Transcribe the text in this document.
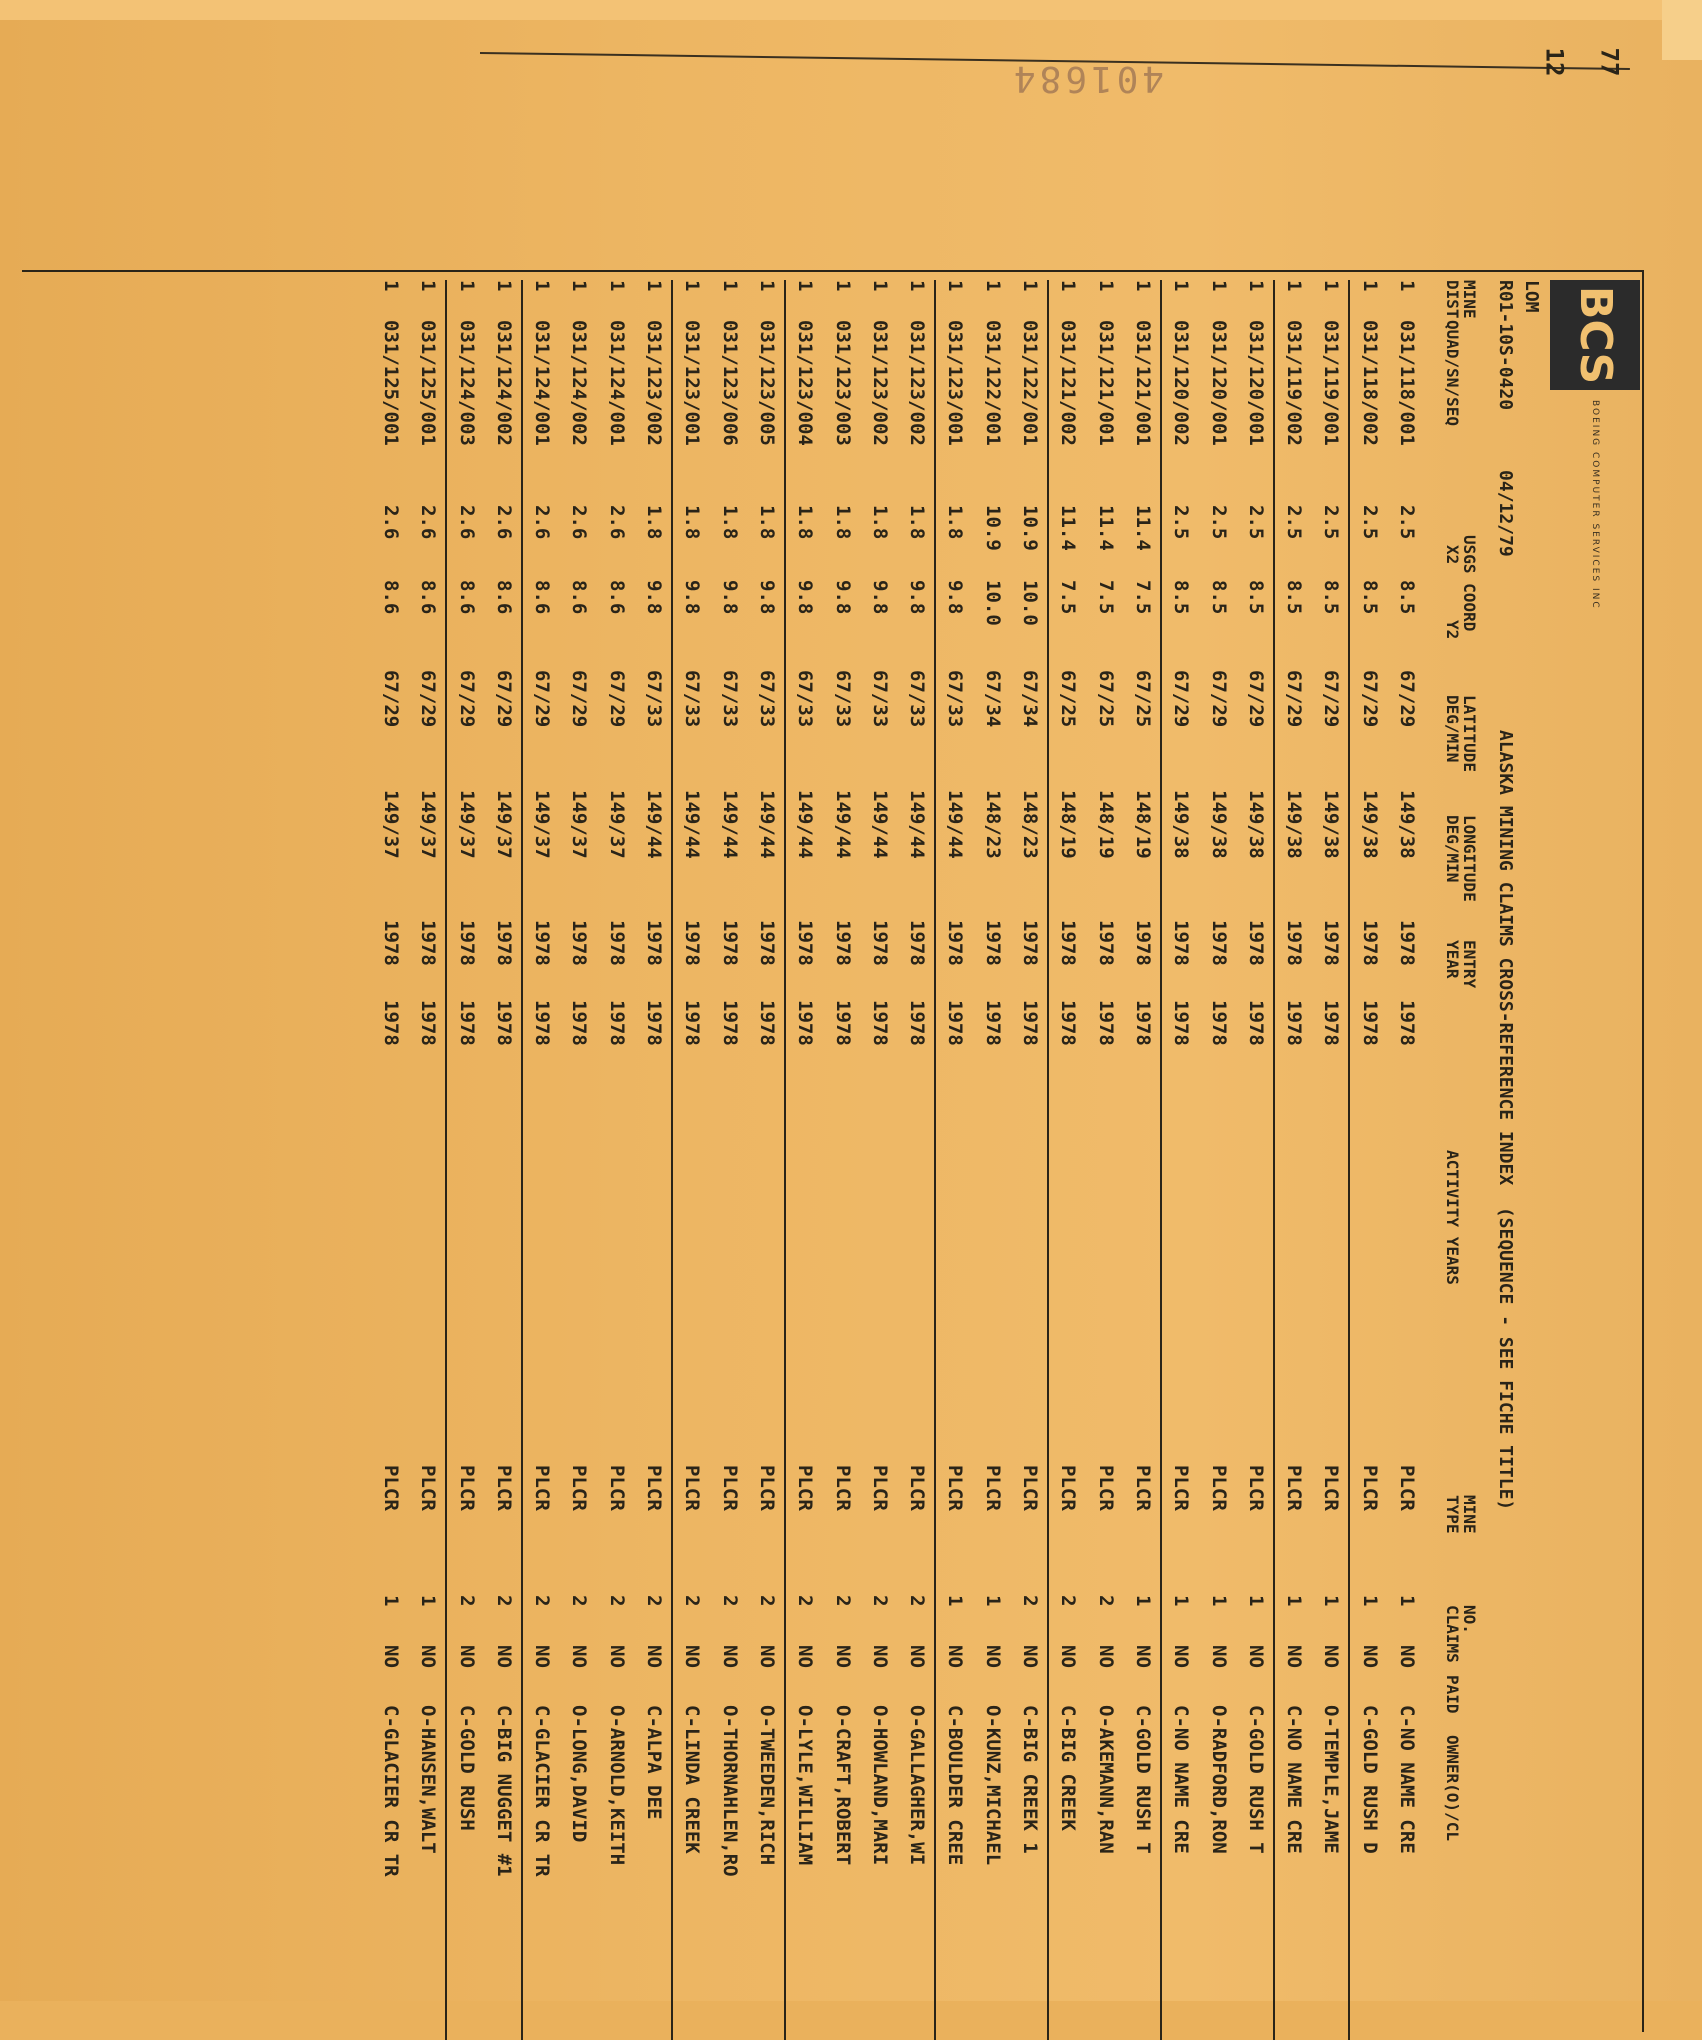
401684	12 77
BCS
BOEING COMPUTER SERVICES INC
LOM
R01-10S-042004/12/79
ALASKA MINING CLAIMS CROSS-REFERENCE INDEX  (SEQUENCE - SEE FICHE TITLE)
MINE
DIST
QUAD/SN/SEQ
USGS COORD
X2
Y2
LATITUDE
DEG/MIN
LONGITUDE
DEG/MIN
ENTRY
YEAR
ACTIVITY YEARS
MINE
TYPE
NO.
CLAIMS
PAID
OWNER(O)/CL
1
031/118/001
2.5
8.5
67/29
149/38
1978
1978
PLCR
1
NO
C-NO NAME CRE
1
031/118/002
2.5
8.5
67/29
149/38
1978
1978
PLCR
1
NO
C-GOLD RUSH D
1
031/119/001
2.5
8.5
67/29
149/38
1978
1978
PLCR
1
NO
O-TEMPLE,JAME
1
031/119/002
2.5
8.5
67/29
149/38
1978
1978
PLCR
1
NO
C-NO NAME CRE
1
031/120/001
2.5
8.5
67/29
149/38
1978
1978
PLCR
1
NO
C-GOLD RUSH T
1
031/120/001
2.5
8.5
67/29
149/38
1978
1978
PLCR
1
NO
O-RADFORD,RON
1
031/120/002
2.5
8.5
67/29
149/38
1978
1978
PLCR
1
NO
C-NO NAME CRE
1
031/121/001
11.4
7.5
67/25
148/19
1978
1978
PLCR
1
NO
C-GOLD RUSH T
1
031/121/001
11.4
7.5
67/25
148/19
1978
1978
PLCR
2
NO
O-AKEMANN,RAN
1
031/121/002
11.4
7.5
67/25
148/19
1978
1978
PLCR
2
NO
C-BIG CREEK
1
031/122/001
10.9
10.0
67/34
148/23
1978
1978
PLCR
2
NO
C-BIG CREEK 1
1
031/122/001
10.9
10.0
67/34
148/23
1978
1978
PLCR
1
NO
O-KUNZ,MICHAEL
1
031/123/001
1.8
9.8
67/33
149/44
1978
1978
PLCR
1
NO
C-BOULDER CREE
1
031/123/002
1.8
9.8
67/33
149/44
1978
1978
PLCR
2
NO
O-GALLAGHER,WI
1
031/123/002
1.8
9.8
67/33
149/44
1978
1978
PLCR
2
NO
O-HOWLAND,MARI
1
031/123/003
1.8
9.8
67/33
149/44
1978
1978
PLCR
2
NO
O-CRAFT,ROBERT
1
031/123/004
1.8
9.8
67/33
149/44
1978
1978
PLCR
2
NO
O-LYLE,WILLIAM
1
031/123/005
1.8
9.8
67/33
149/44
1978
1978
PLCR
2
NO
O-TWEEDEN,RICH
1
031/123/006
1.8
9.8
67/33
149/44
1978
1978
PLCR
2
NO
O-THORNAHLEN,RO
1
031/123/001
1.8
9.8
67/33
149/44
1978
1978
PLCR
2
NO
C-LINDA CREEK
1
031/123/002
1.8
9.8
67/33
149/44
1978
1978
PLCR
2
NO
C-ALPA DEE
1
031/124/001
2.6
8.6
67/29
149/37
1978
1978
PLCR
2
NO
O-ARNOLD,KEITH
1
031/124/002
2.6
8.6
67/29
149/37
1978
1978
PLCR
2
NO
O-LONG,DAVID
1
031/124/001
2.6
8.6
67/29
149/37
1978
1978
PLCR
2
NO
C-GLACIER CR TR
1
031/124/002
2.6
8.6
67/29
149/37
1978
1978
PLCR
2
NO
C-BIG NUGGET #1
1
031/124/003
2.6
8.6
67/29
149/37
1978
1978
PLCR
2
NO
C-GOLD RUSH
1
031/125/001
2.6
8.6
67/29
149/37
1978
1978
PLCR
1
NO
O-HANSEN,WALT
1
031/125/001
2.6
8.6
67/29
149/37
1978
1978
PLCR
1
NO
C-GLACIER CR TR
